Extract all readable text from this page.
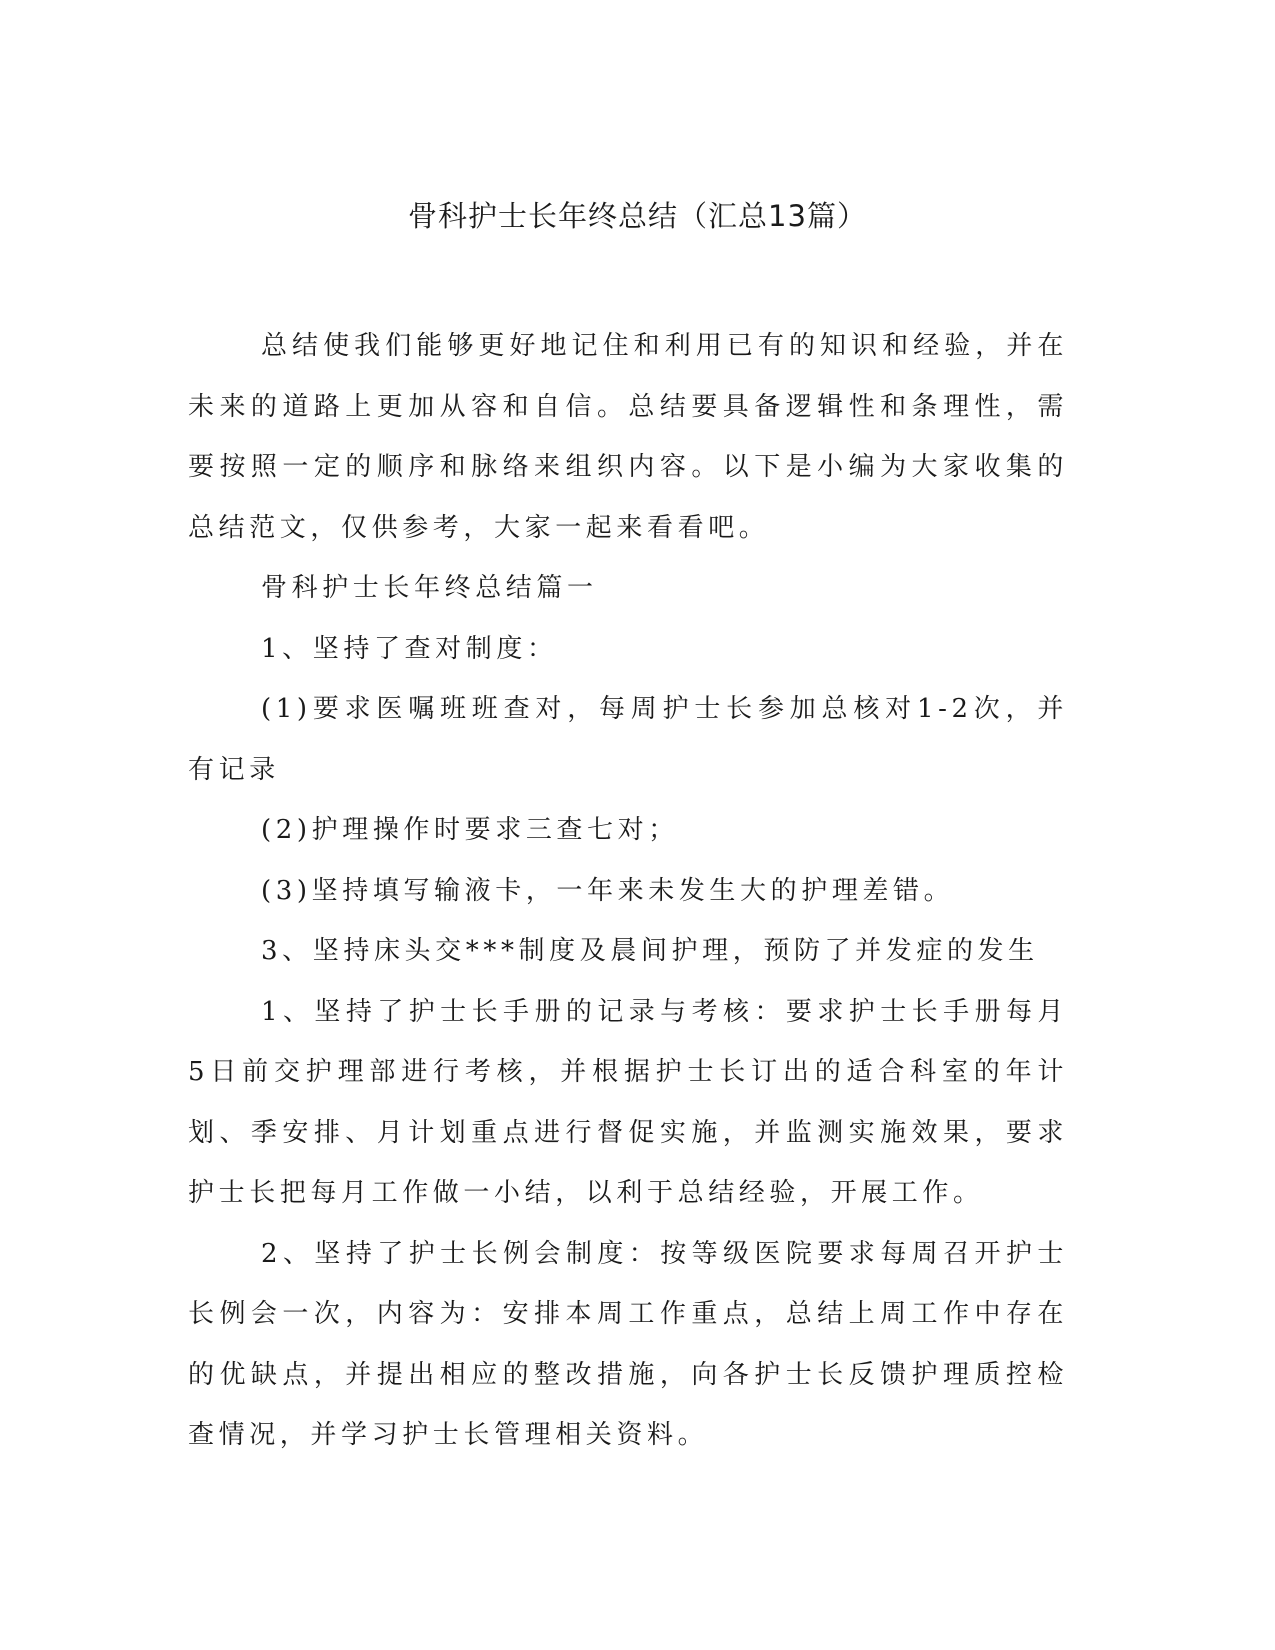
骨科护士长年终总结（汇总13篇）

总结使我们能够更好地记住和利用已有的知识和经验，并在未来的道路上更加从容和自信。总结要具备逻辑性和条理性，需要按照一定的顺序和脉络来组织内容。以下是小编为大家收集的总结范文，仅供参考，大家一起来看看吧。

骨科护士长年终总结篇一

1、坚持了查对制度：

(1)要求医嘱班班查对，每周护士长参加总核对1-2次，并有记录

(2)护理操作时要求三查七对；

(3)坚持填写输液卡，一年来未发生大的护理差错。

3、坚持床头交***制度及晨间护理，预防了并发症的发生

1、坚持了护士长手册的记录与考核：要求护士长手册每月5日前交护理部进行考核，并根据护士长订出的适合科室的年计划、季安排、月计划重点进行督促实施，并监测实施效果，要求护士长把每月工作做一小结，以利于总结经验，开展工作。

2、坚持了护士长例会制度：按等级医院要求每周召开护士长例会一次，内容为：安排本周工作重点，总结上周工作中存在的优缺点，并提出相应的整改措施，向各护士长反馈护理质控检查情况，并学习护士长管理相关资料。
